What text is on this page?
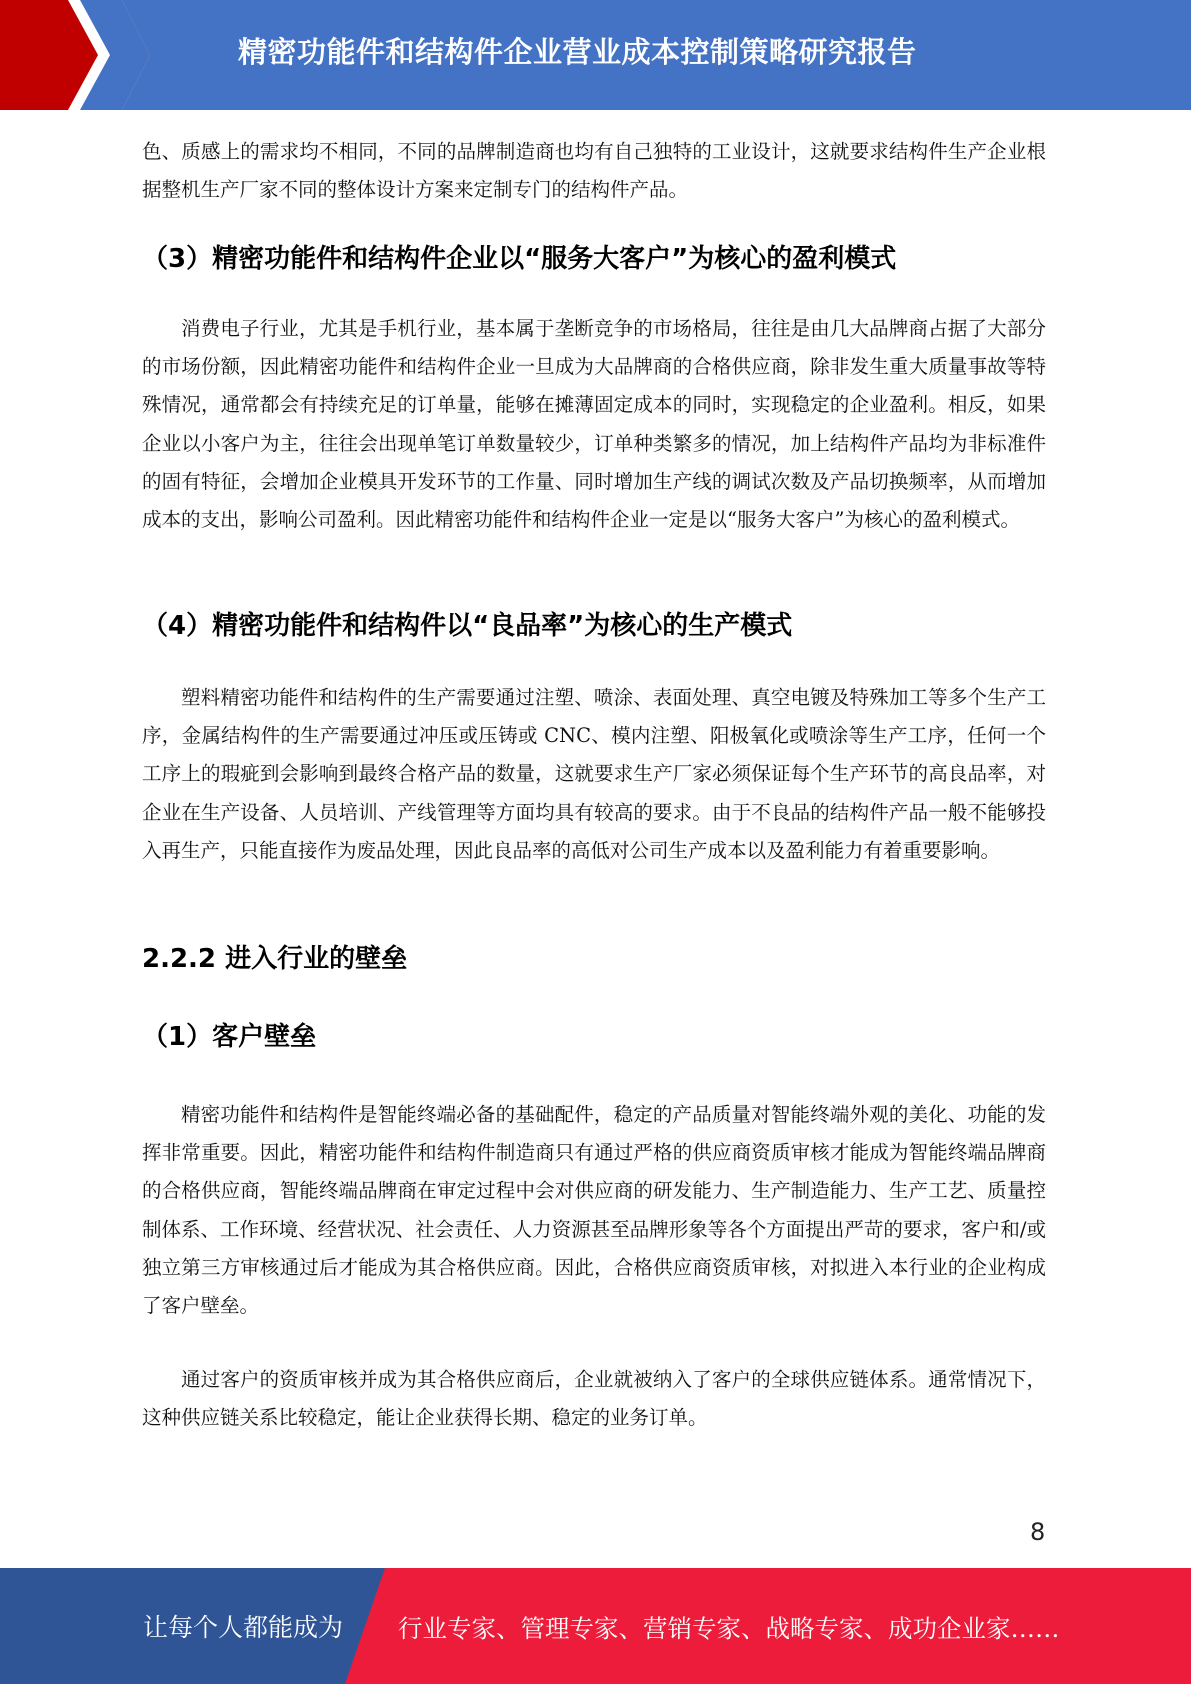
精密功能件和结构件企业营业成本控制策略研究报告

色、质感上的需求均不相同，不同的品牌制造商也均有自己独特的工业设计，这就要求结构件生产企业根据整机生产厂家不同的整体设计方案来定制专门的结构件产品。

（3）精密功能件和结构件企业以“服务大客户”为核心的盈利模式

消费电子行业，尤其是手机行业，基本属于垄断竞争的市场格局，往往是由几大品牌商占据了大部分的市场份额，因此精密功能件和结构件企业一旦成为大品牌商的合格供应商，除非发生重大质量事故等特殊情况，通常都会有持续充足的订单量，能够在摊薄固定成本的同时，实现稳定的企业盈利。相反，如果企业以小客户为主，往往会出现单笔订单数量较少，订单种类繁多的情况，加上结构件产品均为非标准件的固有特征，会增加企业模具开发环节的工作量、同时增加生产线的调试次数及产品切换频率，从而增加成本的支出，影响公司盈利。因此精密功能件和结构件企业一定是以“服务大客户”为核心的盈利模式。

（4）精密功能件和结构件以“良品率”为核心的生产模式

塑料精密功能件和结构件的生产需要通过注塑、喷涂、表面处理、真空电镀及特殊加工等多个生产工序，金属结构件的生产需要通过冲压或压铸或 CNC、模内注塑、阳极氧化或喷涂等生产工序，任何一个工序上的瑕疵到会影响到最终合格产品的数量，这就要求生产厂家必须保证每个生产环节的高良品率，对企业在生产设备、人员培训、产线管理等方面均具有较高的要求。由于不良品的结构件产品一般不能够投入再生产，只能直接作为废品处理，因此良品率的高低对公司生产成本以及盈利能力有着重要影响。

2.2.2 进入行业的壁垒
（1）客户壁垒

精密功能件和结构件是智能终端必备的基础配件，稳定的产品质量对智能终端外观的美化、功能的发挥非常重要。因此，精密功能件和结构件制造商只有通过严格的供应商资质审核才能成为智能终端品牌商的合格供应商，智能终端品牌商在审定过程中会对供应商的研发能力、生产制造能力、生产工艺、质量控制体系、工作环境、经营状况、社会责任、人力资源甚至品牌形象等各个方面提出严苛的要求，客户和/或独立第三方审核通过后才能成为其合格供应商。因此，合格供应商资质审核，对拟进入本行业的企业构成了客户壁垒。

通过客户的资质审核并成为其合格供应商后，企业就被纳入了客户的全球供应链体系。通常情况下，这种供应链关系比较稳定，能让企业获得长期、稳定的业务订单。

8
让每个人都能成为 行业专家、管理专家、营销专家、战略专家、成功企业家……
